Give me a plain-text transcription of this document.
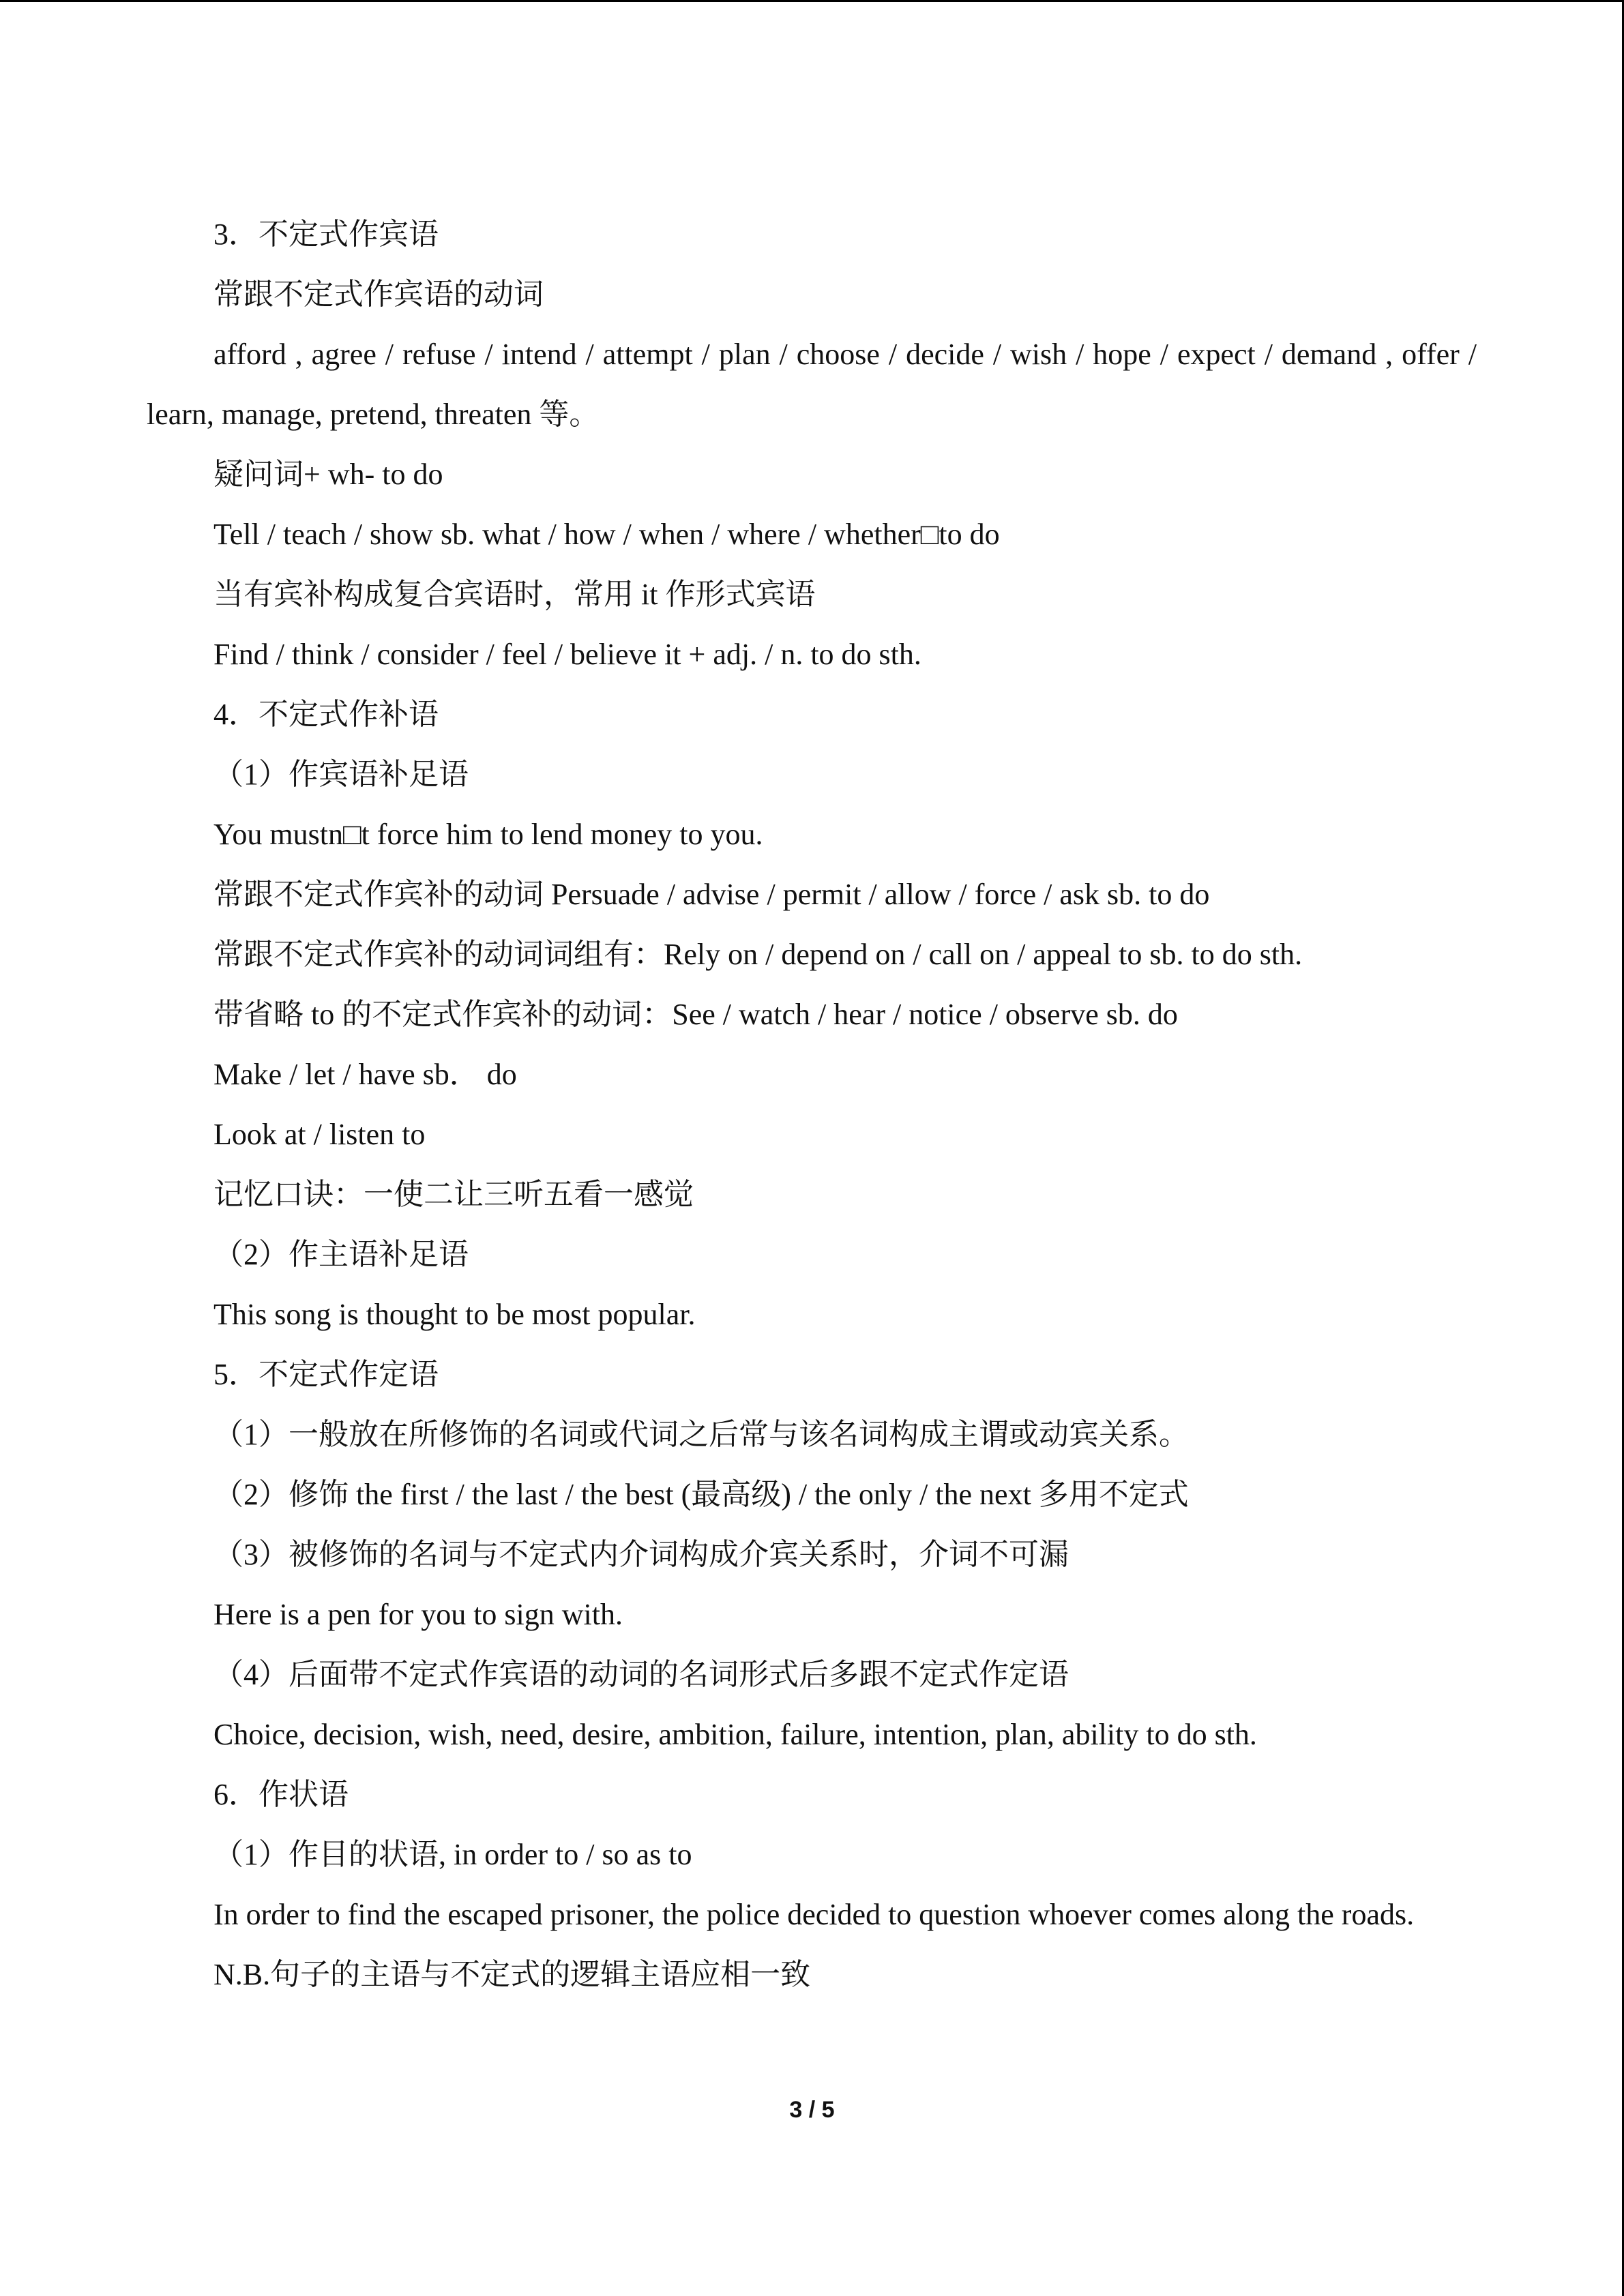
3．不定式作宾语
常跟不定式作宾语的动词
afford , agree / refuse / intend / attempt / plan / choose / decide / wish / hope / expect / demand , offer / learn, manage, pretend, threaten 等。
疑问词+ wh- to do
Tell / teach / show sb. what / how / when / where / whether□to do
当有宾补构成复合宾语时，常用 it 作形式宾语
Find / think / consider / feel / believe it + adj. / n. to do sth.
4．不定式作补语
（1）作宾语补足语
You mustn□t force him to lend money to you.
常跟不定式作宾补的动词 Persuade / advise / permit / allow / force / ask sb. to do
常跟不定式作宾补的动词词组有：Rely on / depend on / call on / appeal to sb. to do sth.
带省略 to 的不定式作宾补的动词：See / watch / hear / notice / observe sb. do
Make / let / have sb． do
Look at / listen to
记忆口诀：一使二让三听五看一感觉
（2）作主语补足语
This song is thought to be most popular.
5．不定式作定语
（1）一般放在所修饰的名词或代词之后常与该名词构成主谓或动宾关系。
（2）修饰 the first / the last / the best (最高级) / the only / the next 多用不定式
（3）被修饰的名词与不定式内介词构成介宾关系时，介词不可漏
Here is a pen for you to sign with.
（4）后面带不定式作宾语的动词的名词形式后多跟不定式作定语
Choice, decision, wish, need, desire, ambition, failure, intention, plan, ability to do sth.
6．作状语
（1）作目的状语, in order to / so as to
In order to find the escaped prisoner, the police decided to question whoever comes along the roads.
N.B.句子的主语与不定式的逻辑主语应相一致
3 / 5
